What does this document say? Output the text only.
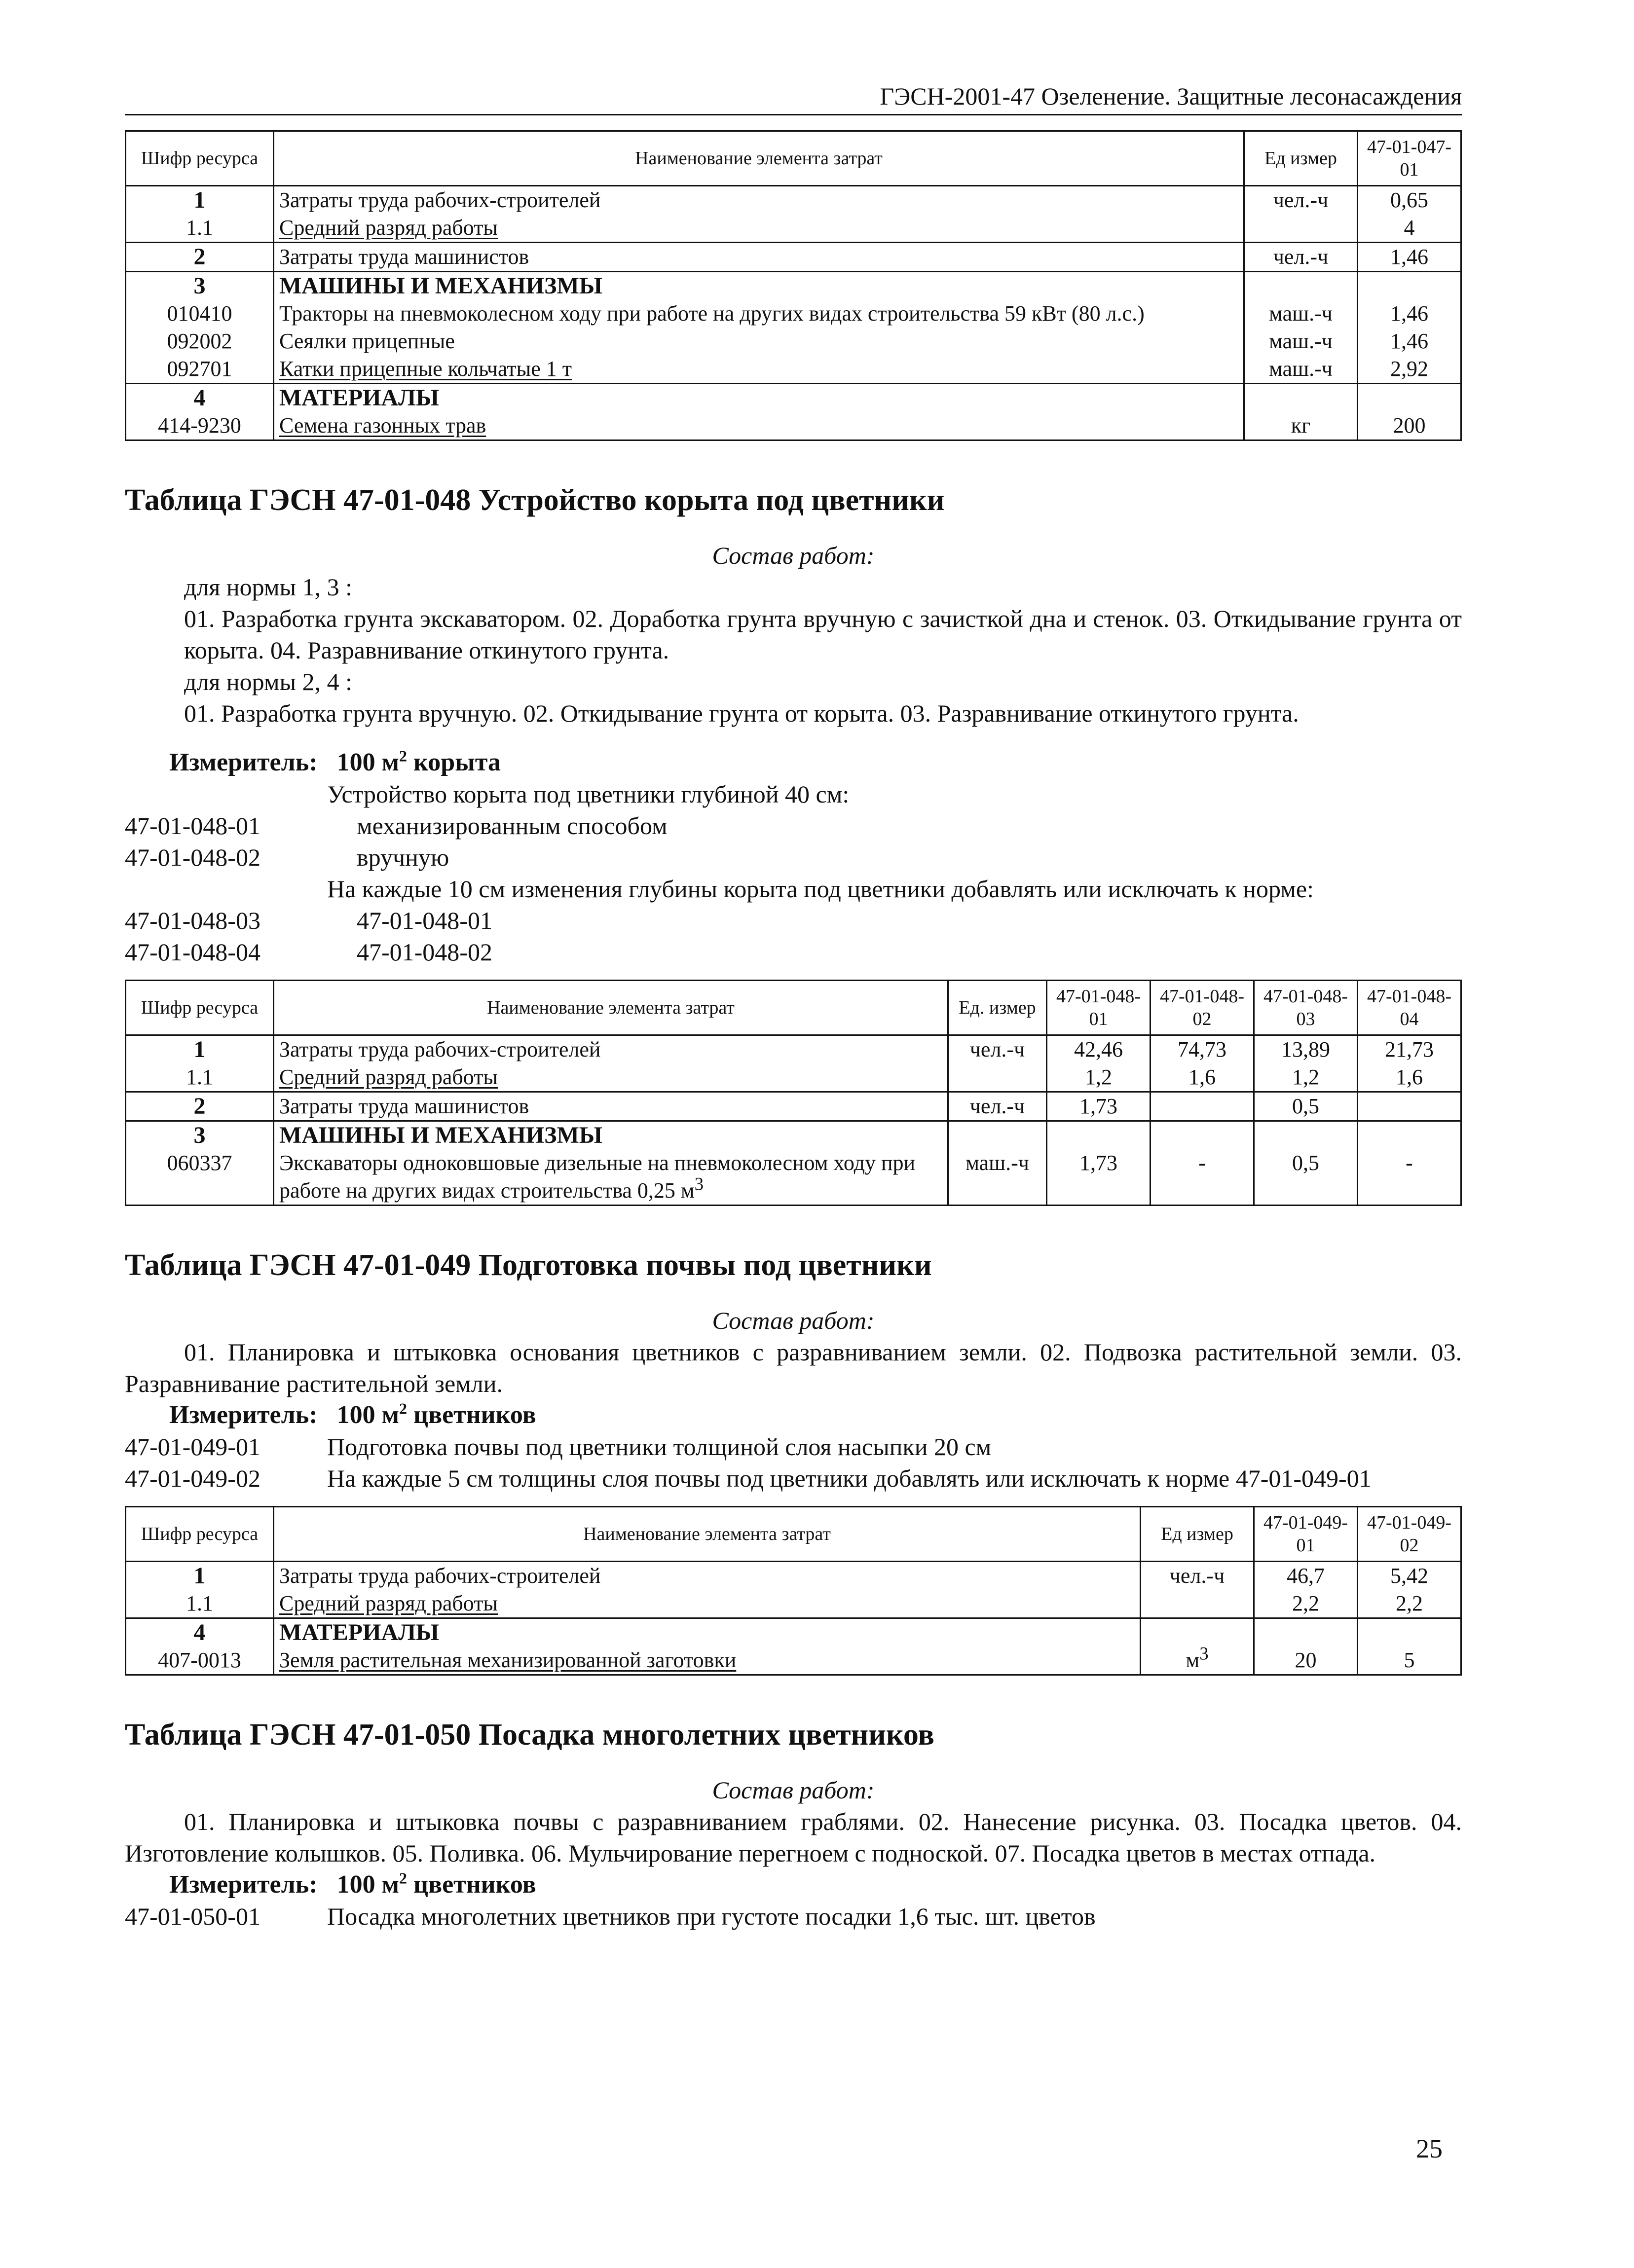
ГЭСН-2001-47 Озеленение. Защитные лесонасаждения
Шифр ресурса	Наименование элемента затрат	Ед измер	47-01-047-01
1	Затраты труда рабочих-строителей	чел.-ч	0,65
1.1	Средний разряд работы		4
2	Затраты труда машинистов	чел.-ч	1,46
3	МАШИНЫ И МЕХАНИЗМЫ		
010410	Тракторы на пневмоколесном ходу при работе на других видах строительства 59 кВт (80 л.с.)	маш.-ч	1,46
092002	Сеялки прицепные	маш.-ч	1,46
092701	Катки прицепные кольчатые 1 т	маш.-ч	2,92
4	МАТЕРИАЛЫ		
414-9230	Семена газонных трав	кг	200
Таблица ГЭСН 47-01-048 Устройство корыта под цветники
Состав работ:

для нормы 1, 3 :

01. Разработка грунта экскаватором. 02. Доработка грунта вручную с зачисткой дна и стенок. 03. Откидывание грунта от корыта. 04. Разравнивание откинутого грунта.

для нормы 2, 4 :

01. Разработка грунта вручную. 02. Откидывание грунта от корыта. 03. Разравнивание откинутого грунта.

Измеритель: 100 $м^2$ корыта
Устройство корыта под цветники глубиной 40 см:
47-01-048-01	механизированным способом
47-01-048-02	вручную
На каждые 10 см изменения глубины корыта под цветники добавлять или исключать к норме:
47-01-048-03	47-01-048-01
47-01-048-04	47-01-048-02
Шифр ресурса	Наименование элемента затрат	Ед. измер	47-01-048-01	47-01-048-02	47-01-048-03	47-01-048-04
1	Затраты труда рабочих-строителей	чел.-ч	42,46	74,73	13,89	21,73
1.1	Средний разряд работы		1,2	1,6	1,2	1,6
2	Затраты труда машинистов	чел.-ч	1,73		0,5	
3	МАШИНЫ И МЕХАНИЗМЫ					
060337	Экскаваторы одноковшовые дизельные на пневмоколесном ходу при работе на других видах строительства 0,25 $м^3$	маш.-ч	1,73	-	0,5	-
Таблица ГЭСН 47-01-049 Подготовка почвы под цветники
Состав работ:

01. Планировка и штыковка основания цветников с разравниванием земли. 02. Подвозка растительной земли. 03. Разравнивание растительной земли.

Измеритель: 100 $м^2$ цветников
47-01-049-01	Подготовка почвы под цветники толщиной слоя насыпки 20 см
47-01-049-02	На каждые 5 см толщины слоя почвы под цветники добавлять или исключать к норме 47-01-049-01
Шифр ресурса	Наименование элемента затрат	Ед измер	47-01-049-01	47-01-049-02
1	Затраты труда рабочих-строителей	чел.-ч	46,7	5,42
1.1	Средний разряд работы		2,2	2,2
4	МАТЕРИАЛЫ			
407-0013	Земля растительная механизированной заготовки	$м^3$	20	5
Таблица ГЭСН 47-01-050 Посадка многолетних цветников
Состав работ:

01. Планировка и штыковка почвы с разравниванием граблями. 02. Нанесение рисунка. 03. Посадка цветов. 04. Изготовление колышков. 05. Поливка. 06. Мульчирование перегноем с подноской. 07. Посадка цветов в местах отпада.

Измеритель: 100 $м^2$ цветников
47-01-050-01	Посадка многолетних цветников при густоте посадки 1,6 тыс. шт. цветов
25
